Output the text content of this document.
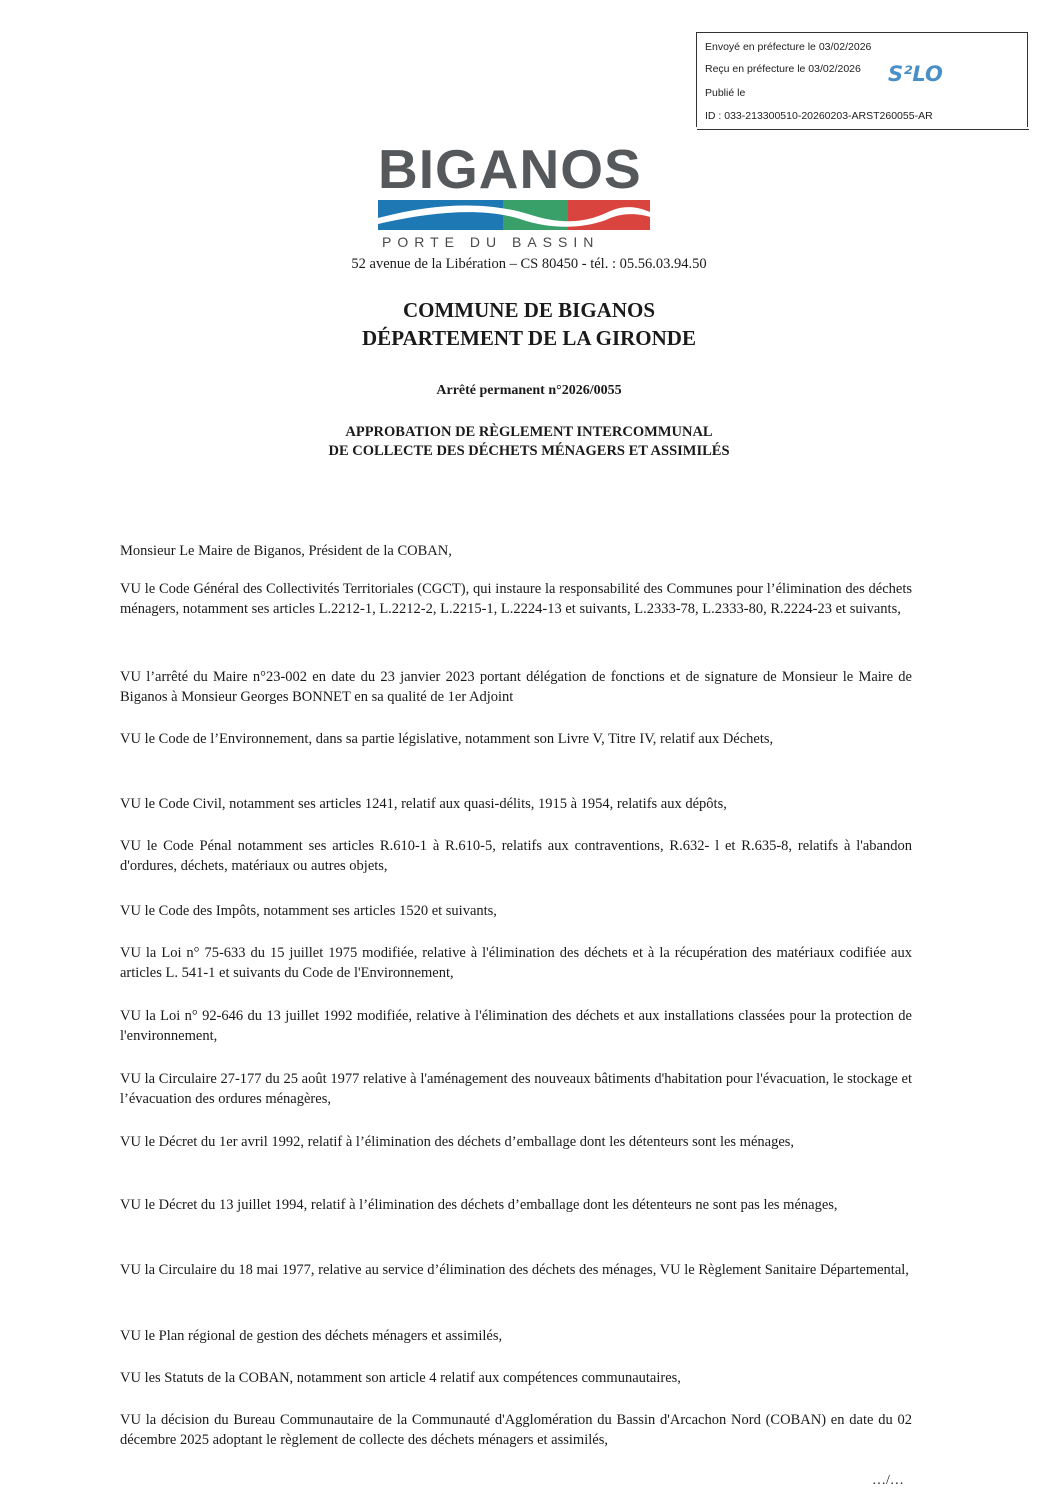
Envoyé en préfecture le 03/02/2026
Reçu en préfecture le 03/02/2026
Publié le
ID : 033-213300510-20260203-ARST260055-AR
S²LO
BIGANOS
PORTE DU BASSIN
52 avenue de la Libération – CS 80450 - tél. : 05.56.03.94.50
COMMUNE DE BIGANOS
DÉPARTEMENT DE LA GIRONDE
Arrêté permanent n°2026/0055
APPROBATION DE RÈGLEMENT INTERCOMMUNAL
DE COLLECTE DES DÉCHETS MÉNAGERS ET ASSIMILÉS

Monsieur Le Maire de Biganos, Président de la COBAN,

VU le Code Général des Collectivités Territoriales (CGCT), qui instaure la responsabilité des Communes pour l’élimination des déchets ménagers, notamment ses articles L.2212-1, L.2212-2, L.2215-1, L.2224-13 et suivants, L.2333-78, L.2333-80, R.2224-23 et suivants,

VU l’arrêté du Maire n°23-002 en date du 23 janvier 2023 portant délégation de fonctions et de signature de Monsieur le Maire de Biganos à Monsieur Georges BONNET en sa qualité de 1er Adjoint

VU le Code de l’Environnement, dans sa partie législative, notamment son Livre V, Titre IV, relatif aux Déchets,

VU le Code Civil, notamment ses articles 1241, relatif aux quasi-délits, 1915 à 1954, relatifs aux dépôts,

VU le Code Pénal notamment ses articles R.610-1 à R.610-5, relatifs aux contraventions, R.632- l et R.635-8, relatifs à l'abandon d'ordures, déchets, matériaux ou autres objets,

VU le Code des Impôts, notamment ses articles 1520 et suivants,

VU la Loi n° 75-633 du 15 juillet 1975 modifiée, relative à l'élimination des déchets et à la récupération des matériaux codifiée aux articles L. 541-1 et suivants du Code de l'Environnement,

VU la Loi n° 92-646 du 13 juillet 1992 modifiée, relative à l'élimination des déchets et aux installations classées pour la protection de l'environnement,

VU la Circulaire 27-177 du 25 août 1977 relative à l'aménagement des nouveaux bâtiments d'habitation pour l'évacuation, le stockage et l’évacuation des ordures ménagères,

VU le Décret du 1er avril 1992, relatif à l’élimination des déchets d’emballage dont les détenteurs sont les ménages,

VU le Décret du 13 juillet 1994, relatif à l’élimination des déchets d’emballage dont les détenteurs ne sont pas les ménages,

VU la Circulaire du 18 mai 1977, relative au service d’élimination des déchets des ménages, VU le Règlement Sanitaire Départemental,

VU le Plan régional de gestion des déchets ménagers et assimilés,

VU les Statuts de la COBAN, notamment son article 4 relatif aux compétences communautaires,

VU la décision du Bureau Communautaire de la Communauté d'Agglomération du Bassin d'Arcachon Nord (COBAN) en date du 02 décembre 2025 adoptant le règlement de collecte des déchets ménagers et assimilés,

…/…
